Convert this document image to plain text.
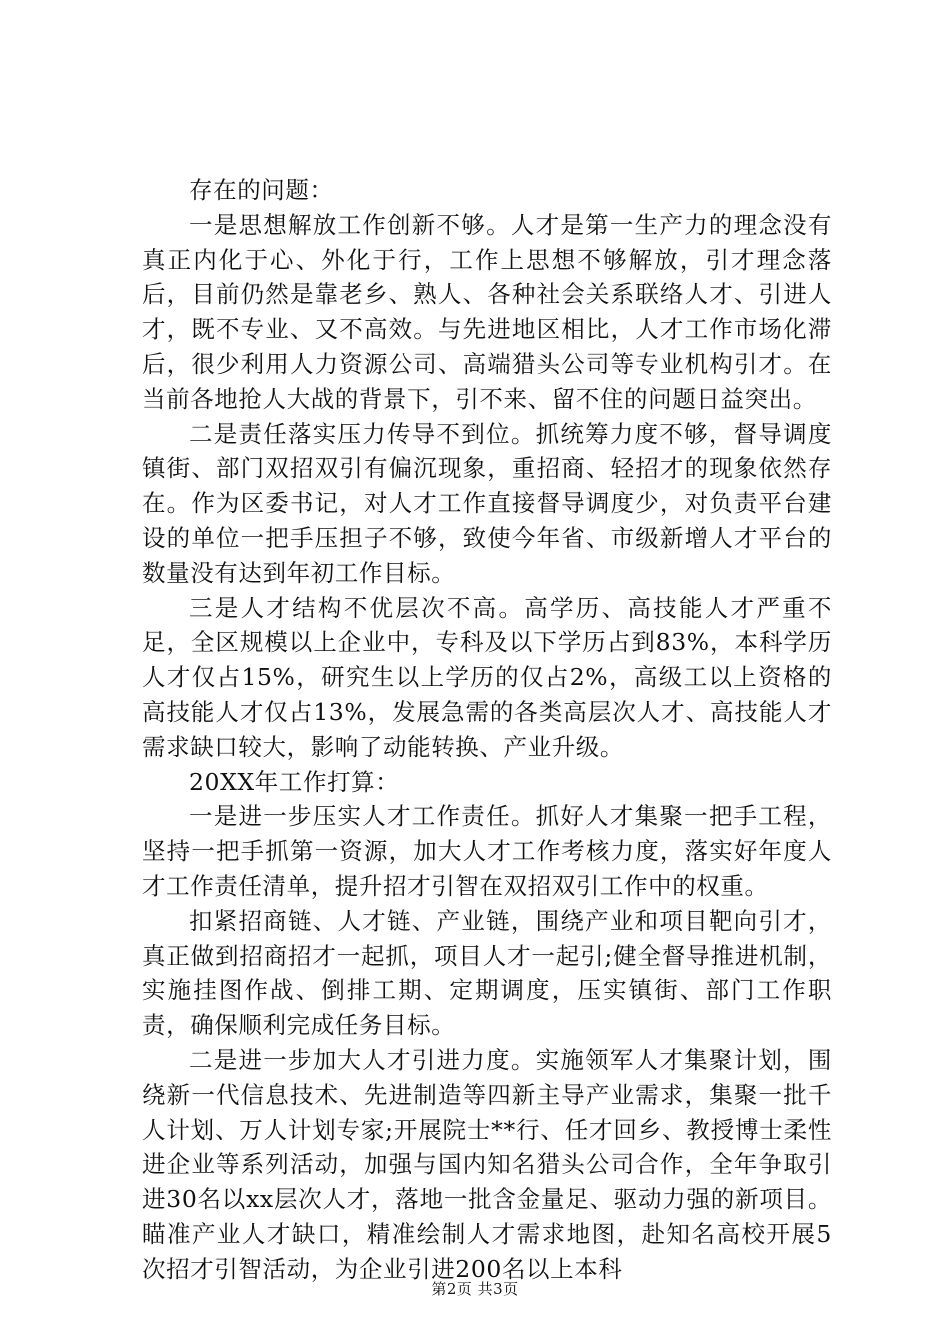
存在的问题：

一是思想解放工作创新不够。人才是第一生产力的理念没有真正内化于心、外化于行，工作上思想不够解放，引才理念落后，目前仍然是靠老乡、熟人、各种社会关系联络人才、引进人才，既不专业、又不高效。与先进地区相比，人才工作市场化滞后，很少利用人力资源公司、高端猎头公司等专业机构引才。在当前各地抢人大战的背景下，引不来、留不住的问题日益突出。

二是责任落实压力传导不到位。抓统筹力度不够，督导调度镇街、部门双招双引有偏沉现象，重招商、轻招才的现象依然存在。作为区委书记，对人才工作直接督导调度少，对负责平台建设的单位一把手压担子不够，致使今年省、市级新增人才平台的数量没有达到年初工作目标。

三是人才结构不优层次不高。高学历、高技能人才严重不足，全区规模以上企业中，专科及以下学历占到83%，本科学历人才仅占15%，研究生以上学历的仅占2%，高级工以上资格的高技能人才仅占13%，发展急需的各类高层次人才、高技能人才需求缺口较大，影响了动能转换、产业升级。

20XX年工作打算：

一是进一步压实人才工作责任。抓好人才集聚一把手工程，坚持一把手抓第一资源，加大人才工作考核力度，落实好年度人才工作责任清单，提升招才引智在双招双引工作中的权重。

扣紧招商链、人才链、产业链，围绕产业和项目靶向引才，真正做到招商招才一起抓，项目人才一起引;健全督导推进机制，实施挂图作战、倒排工期、定期调度，压实镇街、部门工作职责，确保顺利完成任务目标。

二是进一步加大人才引进力度。实施领军人才集聚计划，围绕新一代信息技术、先进制造等四新主导产业需求，集聚一批千人计划、万人计划专家;开展院士**行、任才回乡、教授博士柔性进企业等系列活动，加强与国内知名猎头公司合作，全年争取引进30名以xx层次人才，落地一批含金量足、驱动力强的新项目。瞄准产业人才缺口，精准绘制人才需求地图，赴知名高校开展5次招才引智活动，为企业引进200名以上本科

第2页 共3页
